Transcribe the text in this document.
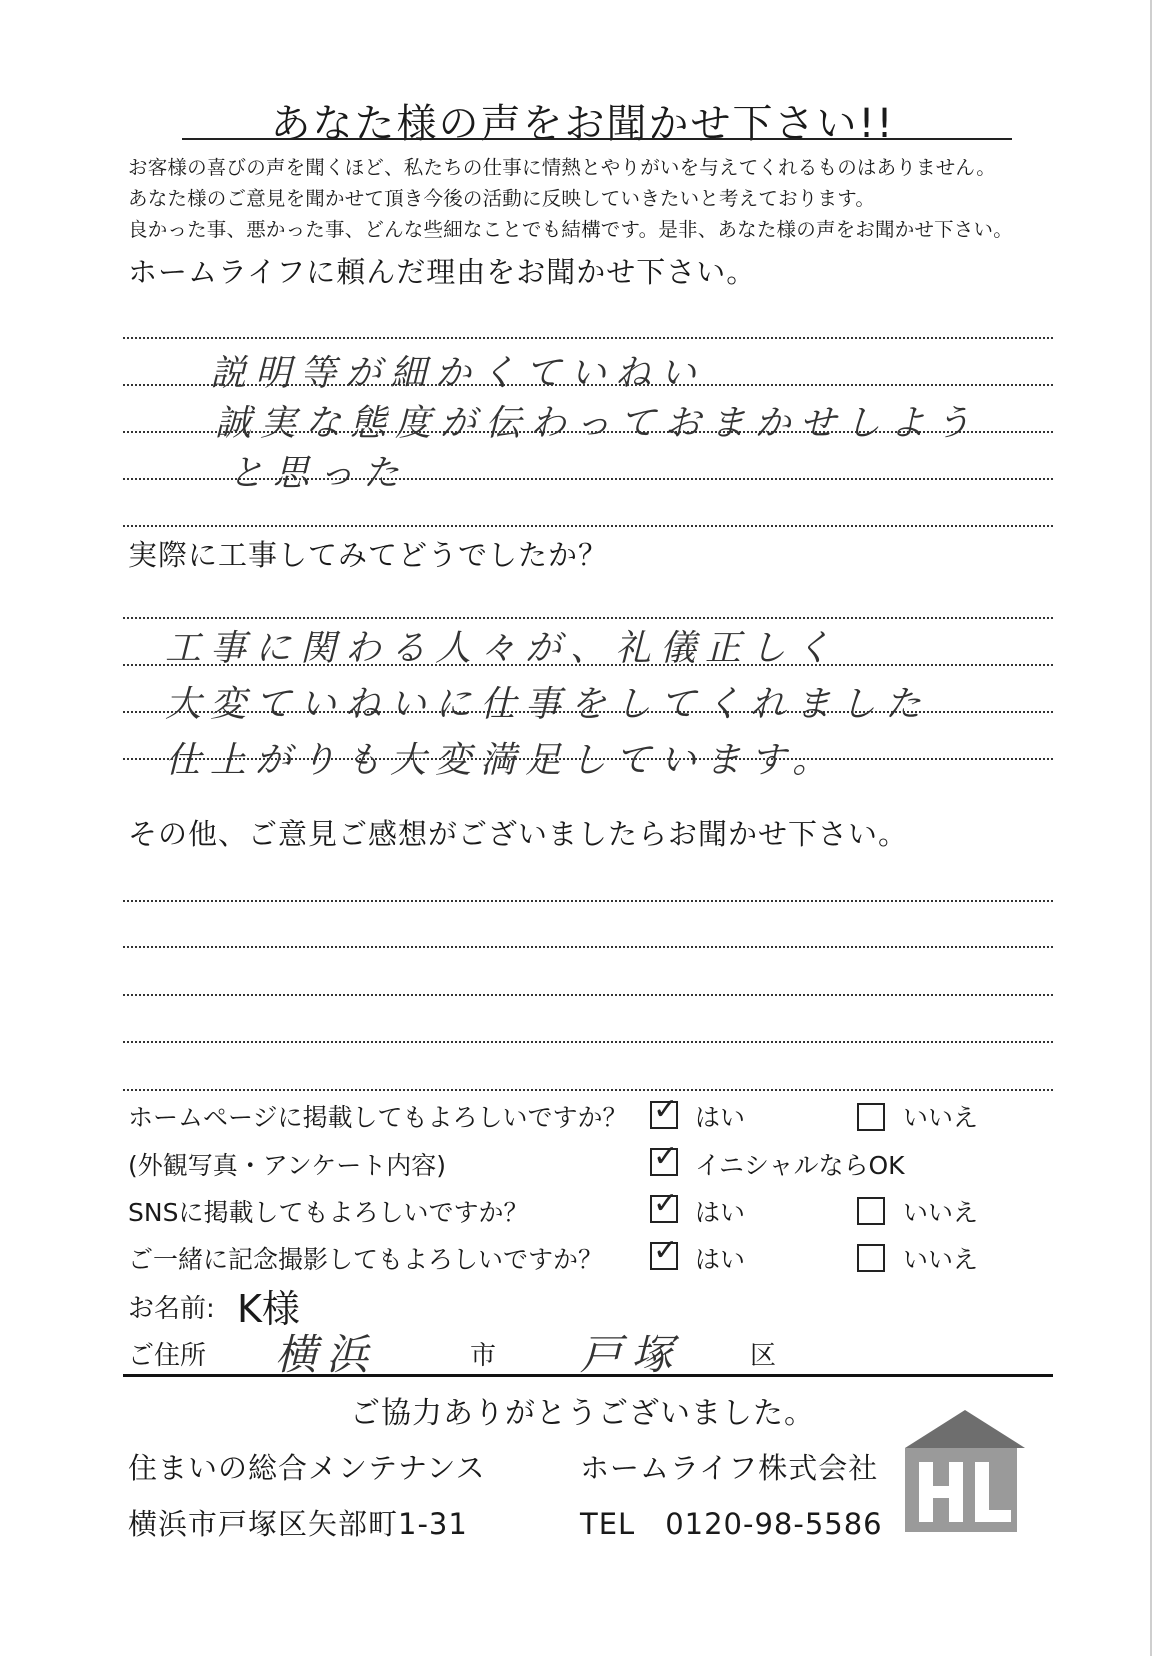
あなた様の声をお聞かせ下さい!!
お客様の喜びの声を聞くほど、私たちの仕事に情熱とやりがいを与えてくれるものはありません。
あなた様のご意見を聞かせて頂き今後の活動に反映していきたいと考えております。
良かった事、悪かった事、どんな些細なことでも結構です。是非、あなた様の声をお聞かせ下さい。
ホームライフに頼んだ理由をお聞かせ下さい。
説明等が細かくていねい
誠実な態度が伝わっておまかせしよう
と思った
実際に工事してみてどうでしたか？
工事に関わる人々が、礼儀正しく
大変ていねいに仕事をしてくれました
仕上がりも大変満足しています。
その他、ご意見ご感想がございましたらお聞かせ下さい。
ホームページに掲載してもよろしいですか？ ✓ はい	いいえ
(外観写真・アンケート内容)	✓ イニシャルならOK
SNSに掲載してもよろしいですか？	✓ はい	いいえ
ご一緒に記念撮影してもよろしいですか？ ✓ はい	いいえ
お名前: K様
ご住所 横浜	市 戸塚	区
ご協力ありがとうございました。
住まいの総合メンテナンス	ホームライフ株式会社
横浜市戸塚区矢部町1-31	TEL　0120-98-5586
